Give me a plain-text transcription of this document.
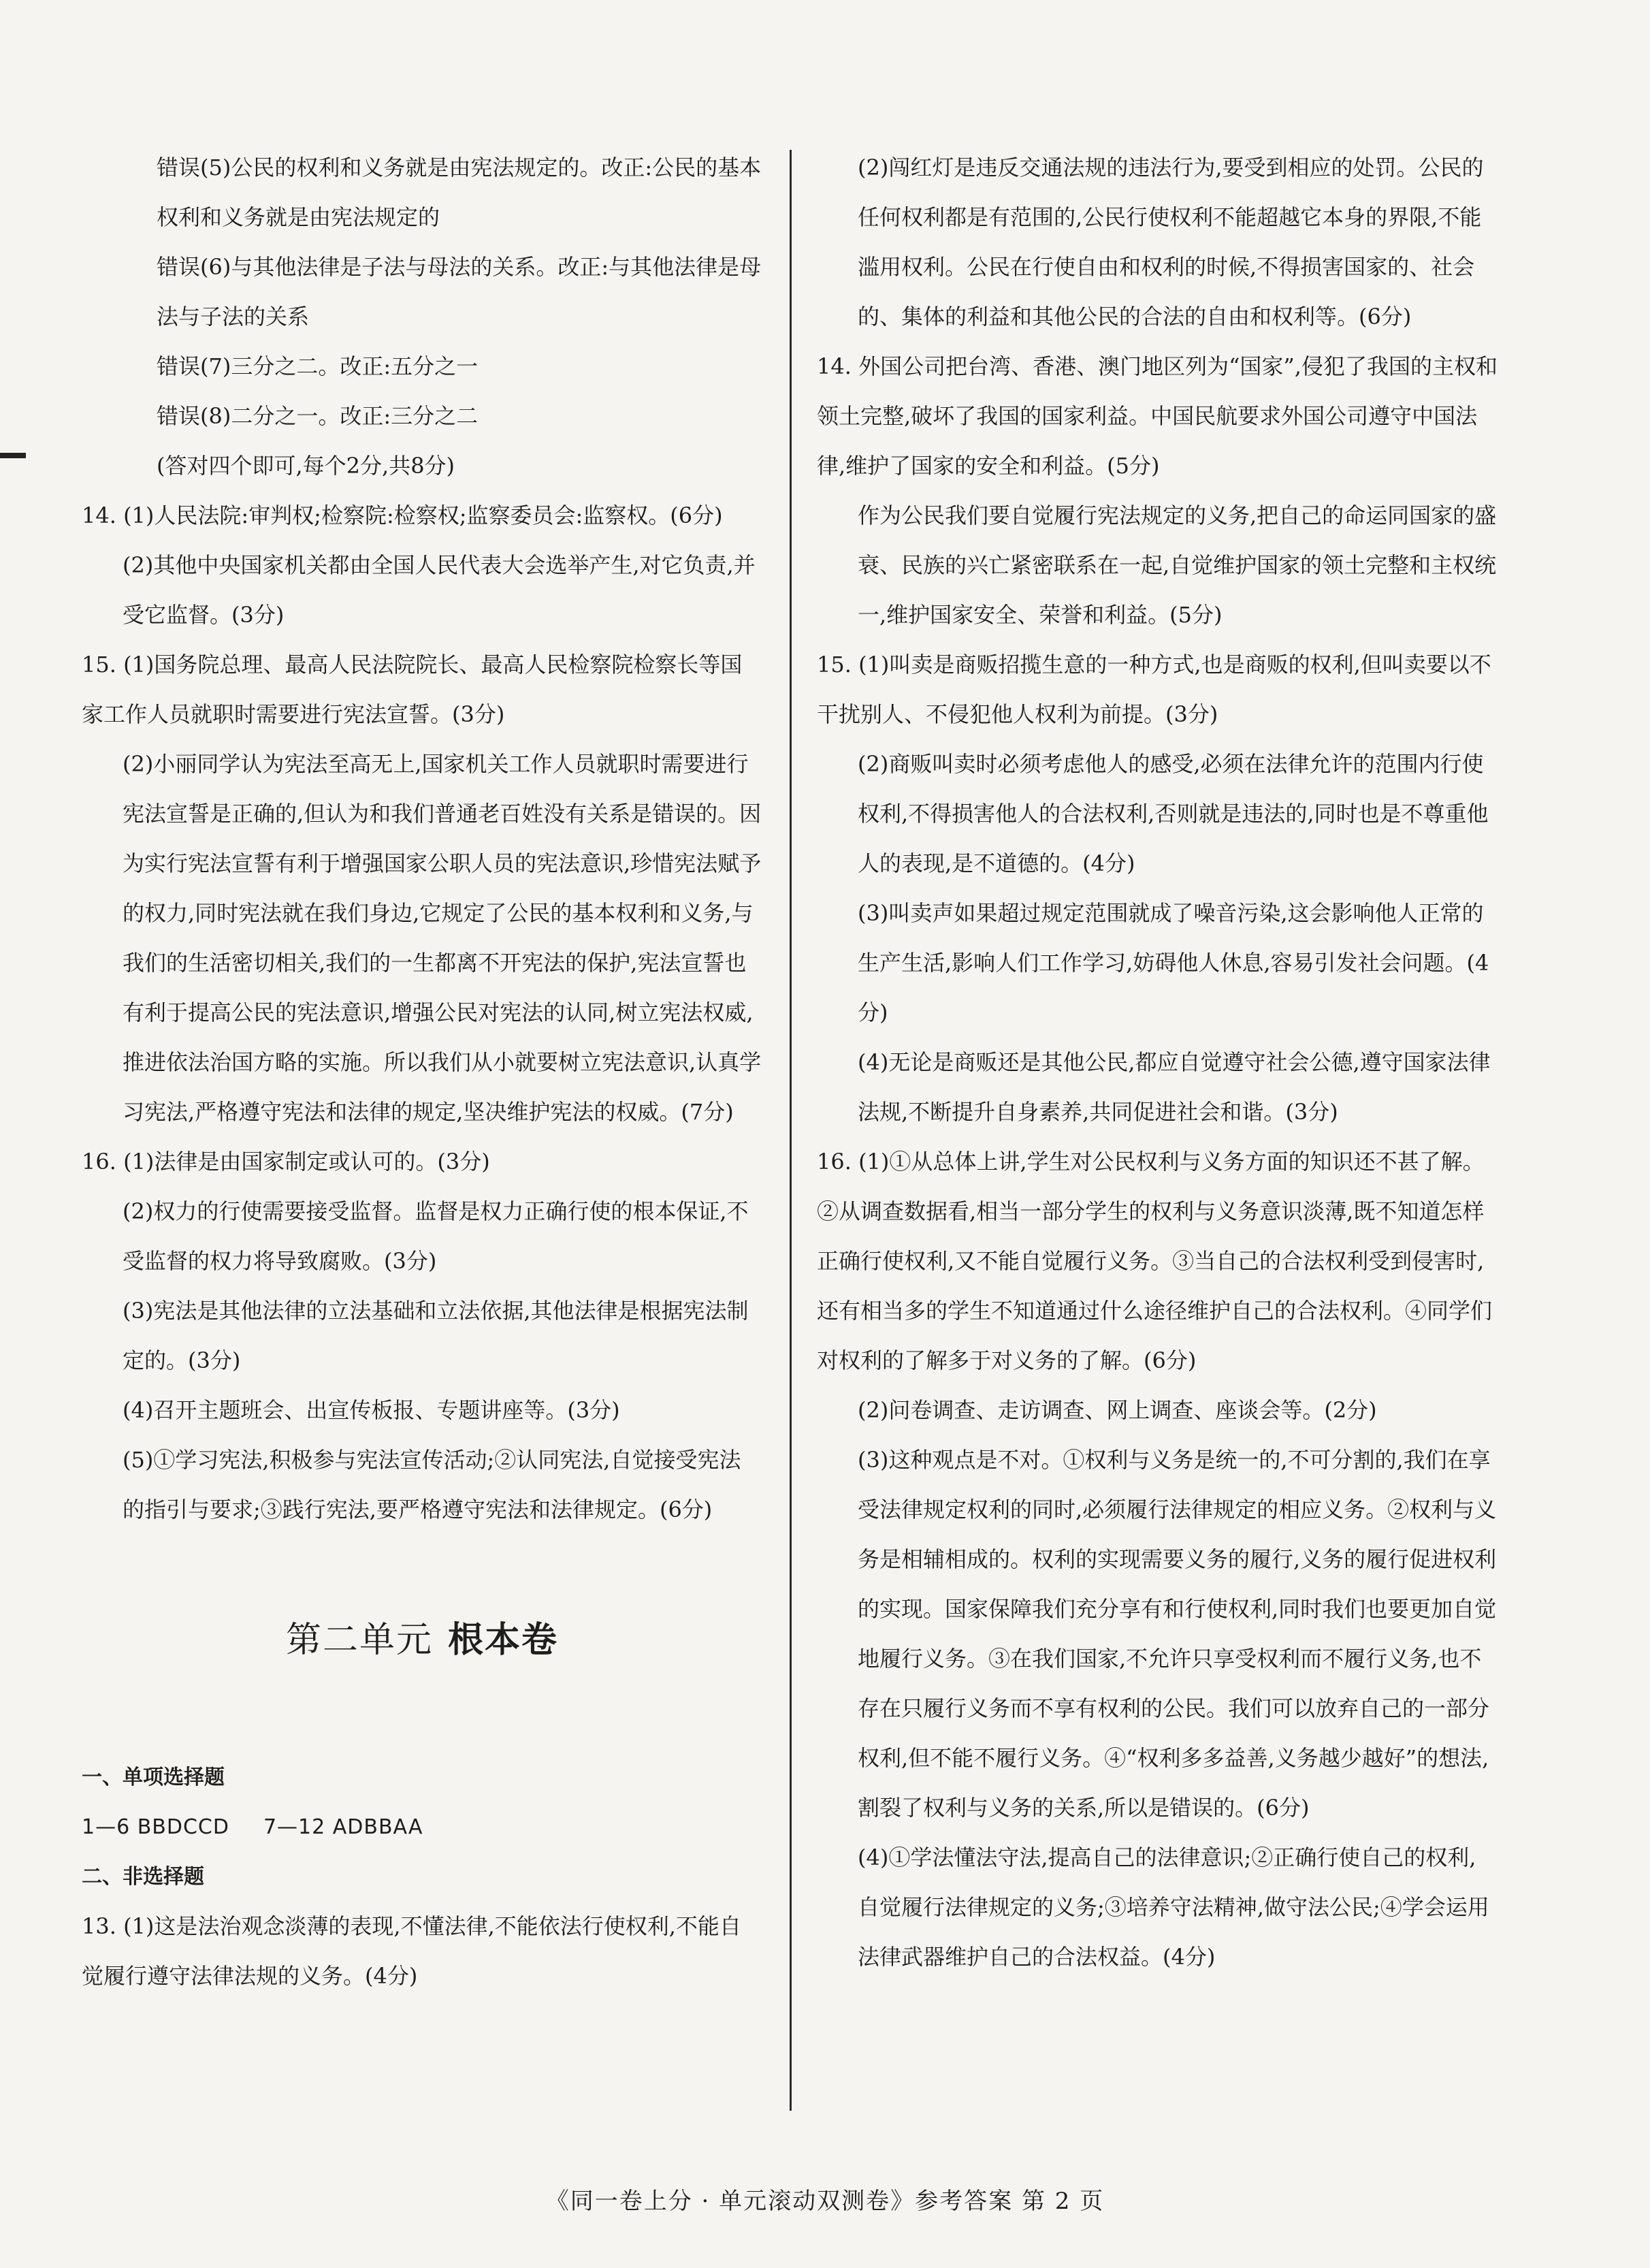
错误(5)公民的权利和义务就是由宪法规定的。改正:公民的基本权利和义务就是由宪法规定的

错误(6)与其他法律是子法与母法的关系。改正:与其他法律是母法与子法的关系

错误(7)三分之二。改正:五分之一

错误(8)二分之一。改正:三分之二

(答对四个即可,每个2分,共8分)

14. (1)人民法院:审判权;检察院:检察权;监察委员会:监察权。(6分)

(2)其他中央国家机关都由全国人民代表大会选举产生,对它负责,并受它监督。(3分)

15. (1)国务院总理、最高人民法院院长、最高人民检察院检察长等国家工作人员就职时需要进行宪法宣誓。(3分)

(2)小丽同学认为宪法至高无上,国家机关工作人员就职时需要进行宪法宣誓是正确的,但认为和我们普通老百姓没有关系是错误的。因为实行宪法宣誓有利于增强国家公职人员的宪法意识,珍惜宪法赋予的权力,同时宪法就在我们身边,它规定了公民的基本权利和义务,与我们的生活密切相关,我们的一生都离不开宪法的保护,宪法宣誓也有利于提高公民的宪法意识,增强公民对宪法的认同,树立宪法权威,推进依法治国方略的实施。所以我们从小就要树立宪法意识,认真学习宪法,严格遵守宪法和法律的规定,坚决维护宪法的权威。(7分)

16. (1)法律是由国家制定或认可的。(3分)

(2)权力的行使需要接受监督。监督是权力正确行使的根本保证,不受监督的权力将导致腐败。(3分)

(3)宪法是其他法律的立法基础和立法依据,其他法律是根据宪法制定的。(3分)

(4)召开主题班会、出宣传板报、专题讲座等。(3分)

(5)①学习宪法,积极参与宪法宣传活动;②认同宪法,自觉接受宪法的指引与要求;③践行宪法,要严格遵守宪法和法律规定。(6分)

第二单元 根本卷

一、单项选择题

1—6 BBDCCD 7—12 ADBBAA

二、非选择题

13. (1)这是法治观念淡薄的表现,不懂法律,不能依法行使权利,不能自觉履行遵守法律法规的义务。(4分)

(2)闯红灯是违反交通法规的违法行为,要受到相应的处罚。公民的任何权利都是有范围的,公民行使权利不能超越它本身的界限,不能滥用权利。公民在行使自由和权利的时候,不得损害国家的、社会的、集体的利益和其他公民的合法的自由和权利等。(6分)

14. 外国公司把台湾、香港、澳门地区列为“国家”,侵犯了我国的主权和领土完整,破坏了我国的国家利益。中国民航要求外国公司遵守中国法律,维护了国家的安全和利益。(5分)

作为公民我们要自觉履行宪法规定的义务,把自己的命运同国家的盛衰、民族的兴亡紧密联系在一起,自觉维护国家的领土完整和主权统一,维护国家安全、荣誉和利益。(5分)

15. (1)叫卖是商贩招揽生意的一种方式,也是商贩的权利,但叫卖要以不干扰别人、不侵犯他人权利为前提。(3分)

(2)商贩叫卖时必须考虑他人的感受,必须在法律允许的范围内行使权利,不得损害他人的合法权利,否则就是违法的,同时也是不尊重他人的表现,是不道德的。(4分)

(3)叫卖声如果超过规定范围就成了噪音污染,这会影响他人正常的生产生活,影响人们工作学习,妨碍他人休息,容易引发社会问题。(4分)

(4)无论是商贩还是其他公民,都应自觉遵守社会公德,遵守国家法律法规,不断提升自身素养,共同促进社会和谐。(3分)

16. (1)①从总体上讲,学生对公民权利与义务方面的知识还不甚了解。②从调查数据看,相当一部分学生的权利与义务意识淡薄,既不知道怎样正确行使权利,又不能自觉履行义务。③当自己的合法权利受到侵害时,还有相当多的学生不知道通过什么途径维护自己的合法权利。④同学们对权利的了解多于对义务的了解。(6分)

(2)问卷调查、走访调查、网上调查、座谈会等。(2分)

(3)这种观点是不对。①权利与义务是统一的,不可分割的,我们在享受法律规定权利的同时,必须履行法律规定的相应义务。②权利与义务是相辅相成的。权利的实现需要义务的履行,义务的履行促进权利的实现。国家保障我们充分享有和行使权利,同时我们也要更加自觉地履行义务。③在我们国家,不允许只享受权利而不履行义务,也不存在只履行义务而不享有权利的公民。我们可以放弃自己的一部分权利,但不能不履行义务。④“权利多多益善,义务越少越好”的想法,割裂了权利与义务的关系,所以是错误的。(6分)

(4)①学法懂法守法,提高自己的法律意识;②正确行使自己的权利,自觉履行法律规定的义务;③培养守法精神,做守法公民;④学会运用法律武器维护自己的合法权益。(4分)

《同一卷上分 · 单元滚动双测卷》参考答案 第 2 页
